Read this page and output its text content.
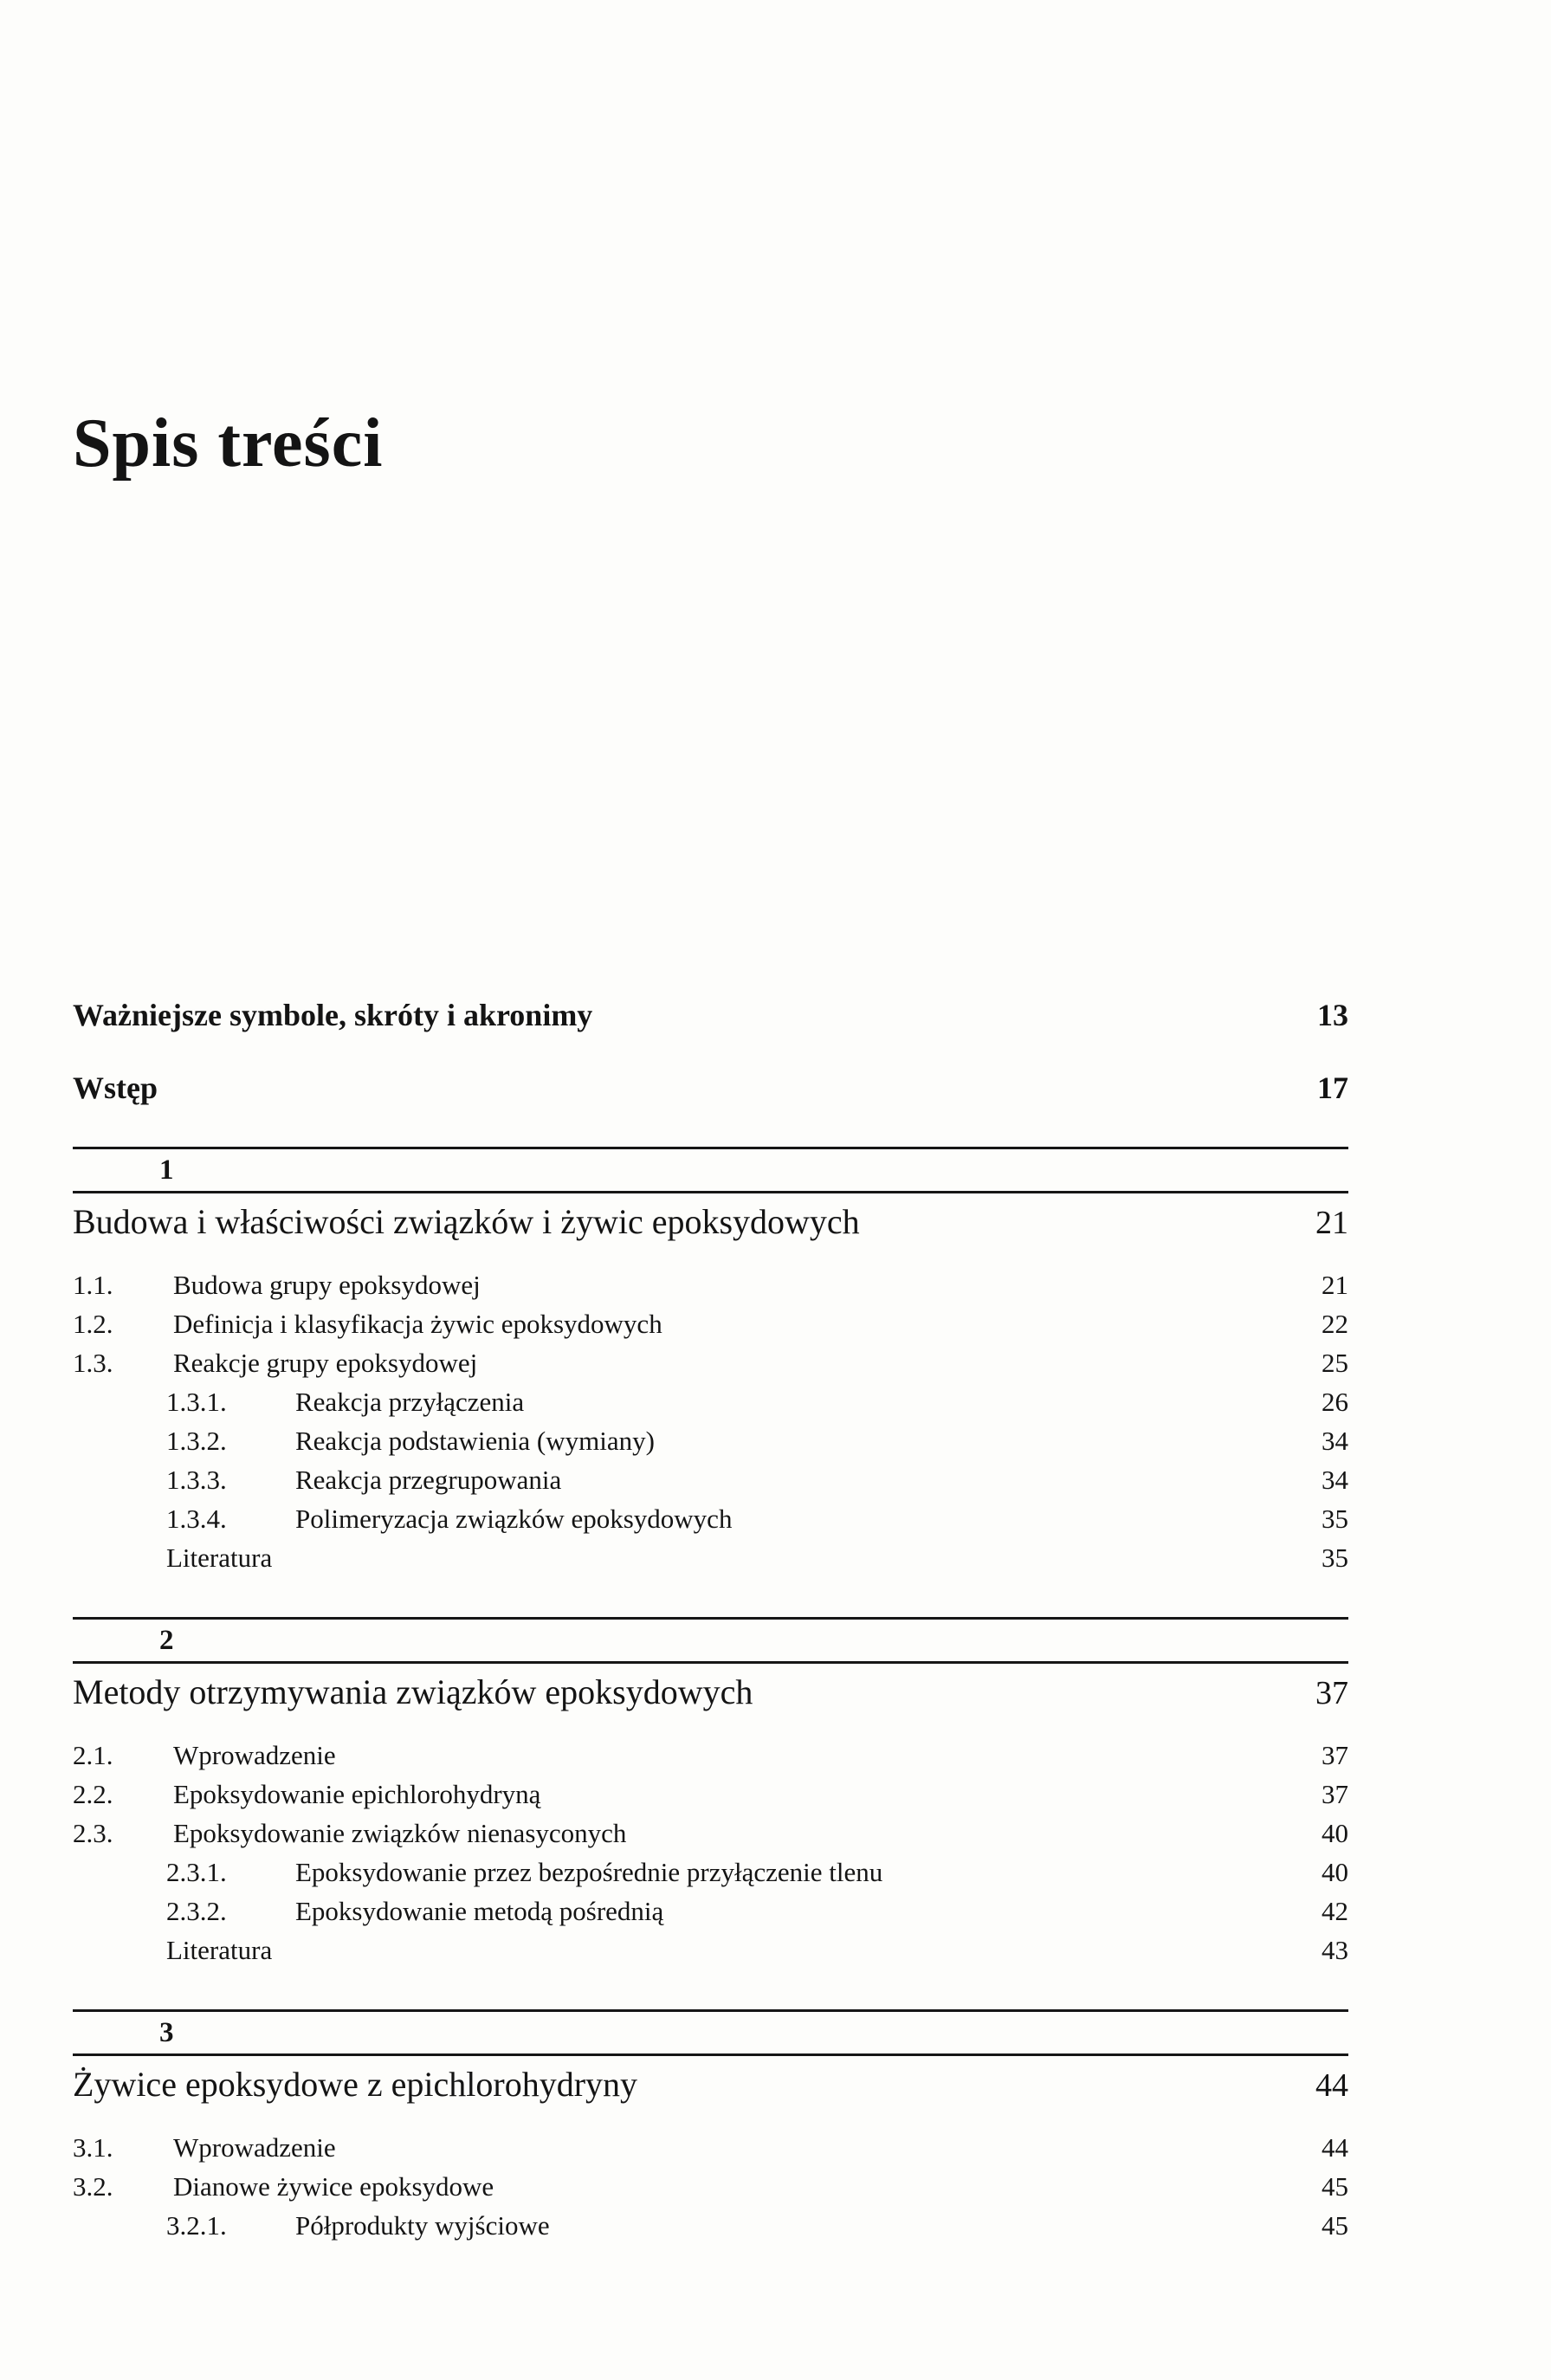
Spis treści
Ważniejsze symbole, skróty i akronimy	13
Wstęp	17
1
Budowa i właściwości związków i żywic epoksydowych	21
1.1.	Budowa grupy epoksydowej	21
1.2.	Definicja i klasyfikacja żywic epoksydowych	22
1.3.	Reakcje grupy epoksydowej	25
1.3.1.	Reakcja przyłączenia	26
1.3.2.	Reakcja podstawienia (wymiany)	34
1.3.3.	Reakcja przegrupowania	34
1.3.4.	Polimeryzacja związków epoksydowych	35
Literatura	35
2
Metody otrzymywania związków epoksydowych	37
2.1.	Wprowadzenie	37
2.2.	Epoksydowanie epichlorohydryną	37
2.3.	Epoksydowanie związków nienasyconych	40
2.3.1.	Epoksydowanie przez bezpośrednie przyłączenie tlenu	40
2.3.2.	Epoksydowanie metodą pośrednią	42
Literatura	43
3
Żywice epoksydowe z epichlorohydryny	44
3.1.	Wprowadzenie	44
3.2.	Dianowe żywice epoksydowe	45
3.2.1.	Półprodukty wyjściowe	45
